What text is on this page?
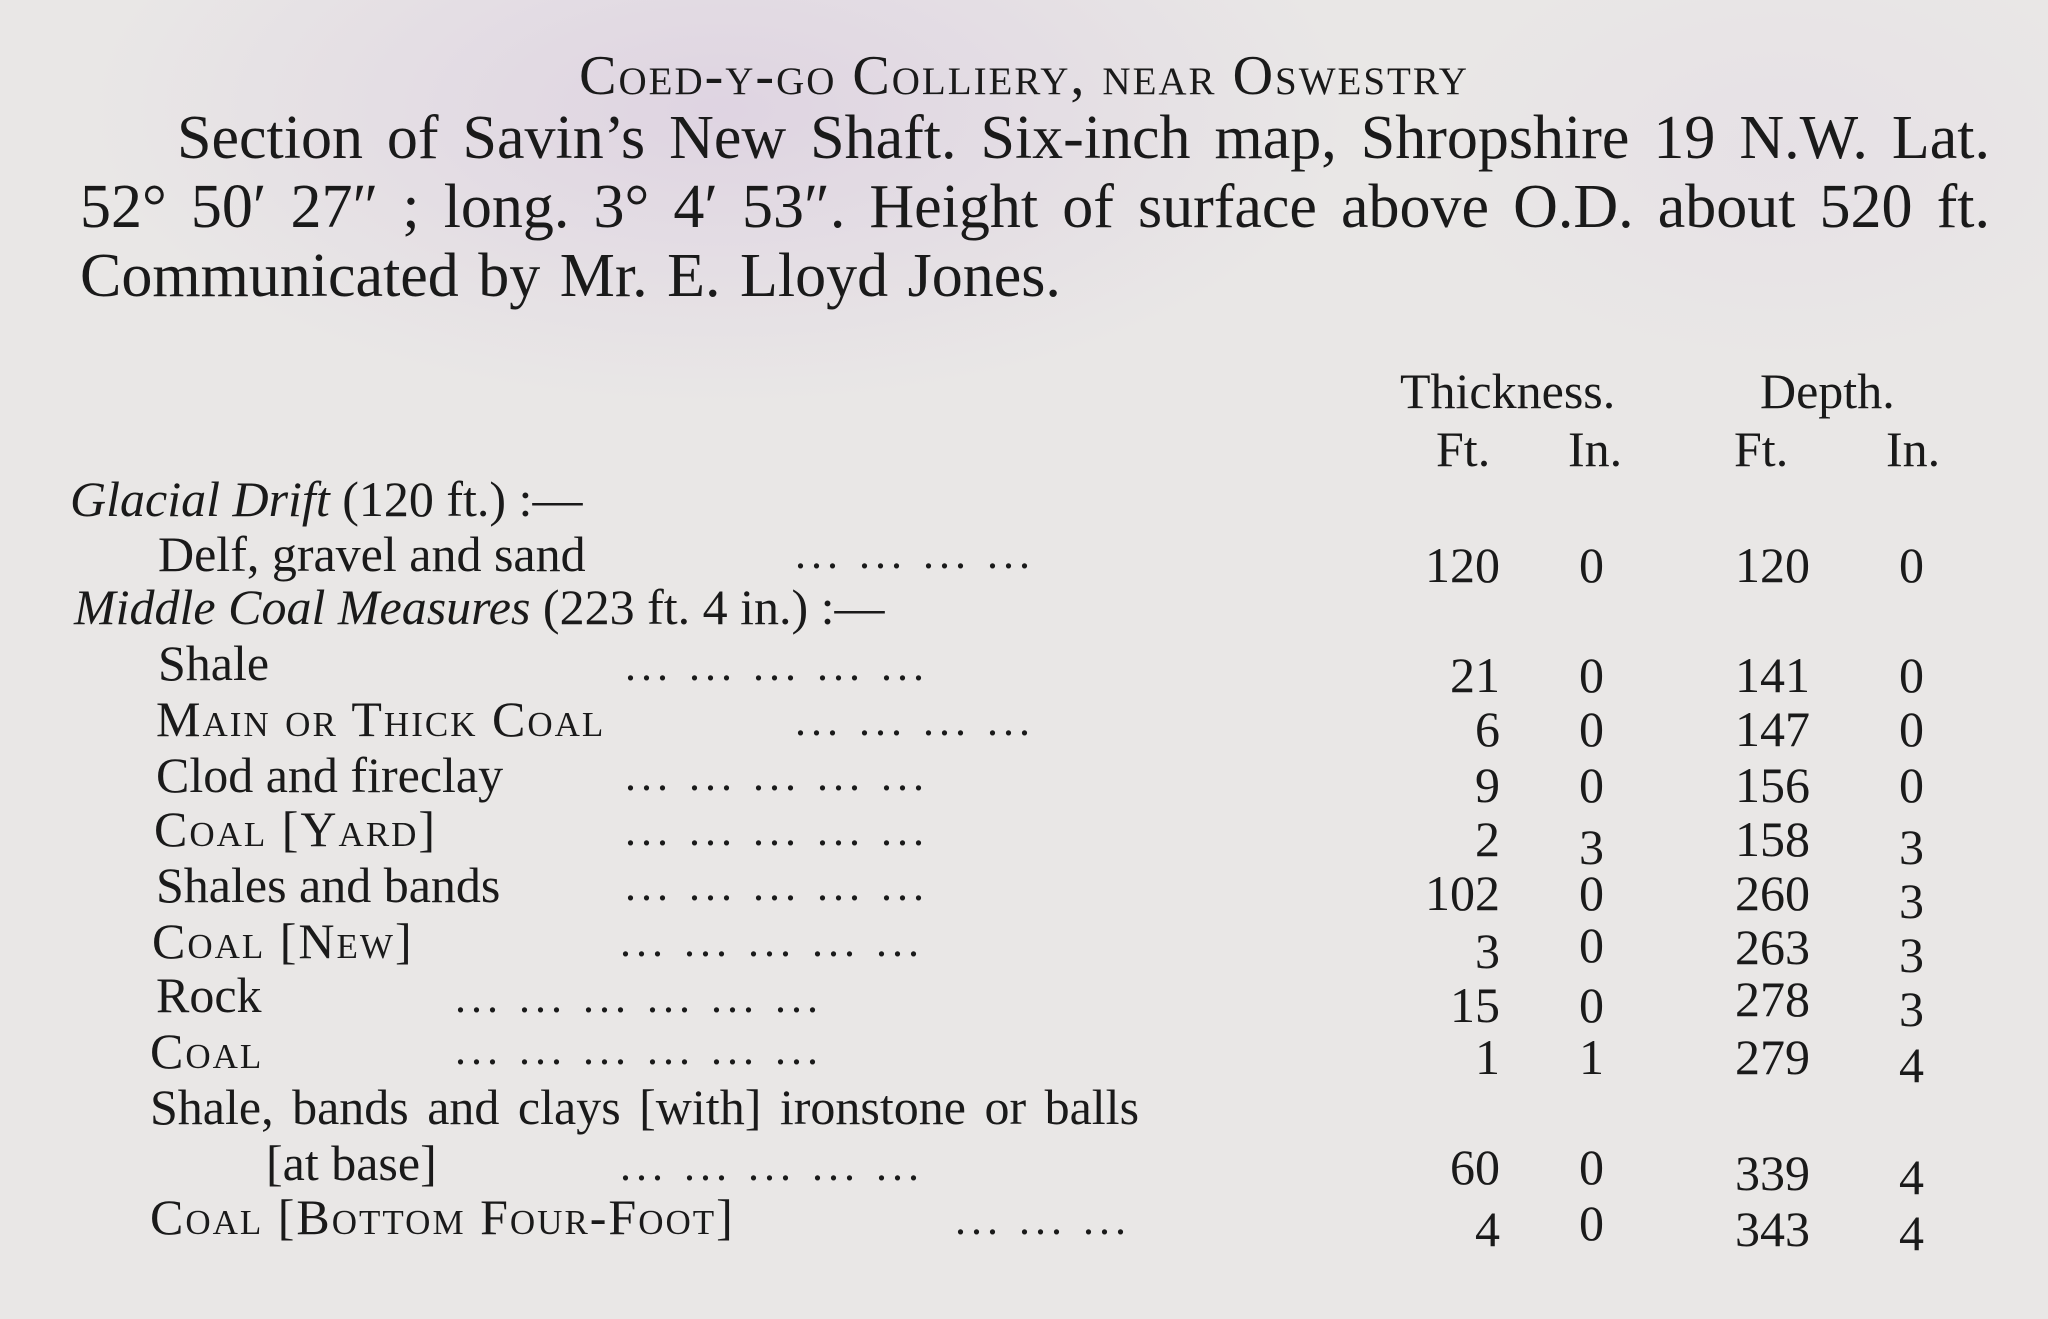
Coed-y-go Colliery, near Oswestry
Section of Savin’s New Shaft. Six-inch map, Shropshire 19 N.W. Lat. 52° 50′ 27″ ; long. 3° 4′ 53″. Height of surface above O.D. about 520 ft. Communicated by Mr. E. Lloyd Jones.
Thickness.	Depth.
Ft. In. Ft. In.
Glacial Drift (120 ft.) :—
Delf, gravel and sand	... ... ... ...	120	0	120	0
Middle Coal Measures (223 ft. 4 in.) :—
Shale	... ... ... ... ...	21	0	141	0
Main or Thick Coal	... ... ... ...	6	0	147	0
Clod and fireclay	... ... ... ... ...	9	0	156	0
Coal [Yard]	... ... ... ... ...	2	3	158	3
Shales and bands	... ... ... ... ...	102	0	260	3
Coal [New]	... ... ... ... ...	3	0	263	3
Rock	... ... ... ... ... ...	15	0	278	3
Coal	... ... ... ... ... ...	1	1	279	4
Shale, bands and clays [with] ironstone or balls
[at base]	... ... ... ... ...	60	0	339	4
Coal [Bottom Four-Foot]	... ... ...	4	0	343	4
